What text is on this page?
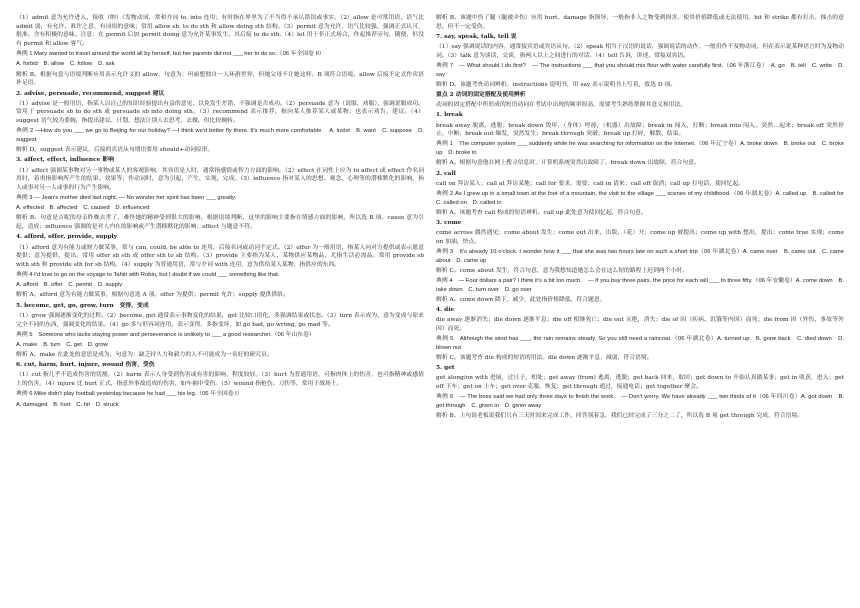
（1）admit 意为允许进入，接收（纳）（发物动词，常和介词 to, into 连用；有时指在界里为了不当得不承认错误或事实。（2）allow 是可常用语，语气比 admit 弱，有允许、准许之意，有词组的意味；常用 allow sb. to do sth 和 allow doing sth 结构。（3）permit 意为允许，语气比较强，强调正式认可，批准。含有积极的意味。注意：在 permit 后加 permit doing 意为允许某事发生。其后接 to do sth.（4）let 用于非正式场合，作起推荐旁句，随便，但没有 permit 和 allow 客气。

典例 1 Mary wanted to travel around the world all by herself, but her parents did not ___ her to do so.（06 年全国卷 II）

A. forbid　B. allow　C. follow　D. ask

解析 B。根据句意与语境判断应用表示允许义的 allow，句意为：玛丽想独自一人环游世界，但她父母不让她这样。B 项符合语境。allow 后接不定式作宾语补足语。

2. advise, persuade, recommend, suggest 建议

（1）advise 是一般用语，指某人以自己的知识经验提出有益的意见，以免发生差错，不强调是否成功。（2）persuade 意为（说服，劝服），强调说服成功。常用于 persuade sb to do sth 或 persuade sb into doing sth。（3）recommend 表示推荐，指向某人推荐某人或某物；也表示劝告，建议。（4）suggest 语气较为委婉，指提出建议、计划、想法让别人去思考、去做，但比较婉转。

典例 2 —How do you ___ we go to Beijing for our holiday? —I think we'd better fly there. It's much more comfortable.　A. insist　B. want　C. suppose　D. suggest

解析 D。suggest 表示建议，后接的宾语从句谓语要用 should+动词原形。

3. affect, effect, influence 影响

（1）affect 强调某事物对另一事物或某人的客观影响，其宾语是人时，通常指感情或智力方面的影响。（2）effect 在词性上应为 to affect 或 effect 作名词用时，着重指影响所产生的结果、效果等；作动词时，意为引起，产生，实现，完成。（3）influence 指对某人的思想、观念、心理等的潜移默化的影响，指人或事对另一人或事的行为产生影响。

典例 3 — Jean's mother died last night. — No wonder her spirit has been ___ greatly.

A. effected　B. affected　C. caused　D. influenced

解析 B。句意是吉妮的母亲昨晚去世了，难怪她的精神受到很大的影响。根据语境判断，这里的影响主要指在情感方面的影响，所以选 B 项。cause 意为引起，造成；influence 强调的是对人内在的影响或产生潜移默化的影响；effect 与题意不符。

4. afford, offer, provide, supply

（1）afford 意为有能力或财力做某事，常与 can, could, be able to 连用，后接名词或动词不定式。（2）offer 为一般用语，指某人向对方提供或表示愿意提供；意为提供，提出。常用 offer sb sth 或 offer sth to sb 结构。（3）provide 主要指为某人、某物供应某物品，尤指生活必需品。常用 provide sb with sth 和 provide sth for sb 结构。（4）supply 为普通用语，常与介词 with 连用，意为供给某人某物，指供应的东西。

典例 4 I'd love to go on the voyage to Tahiti with Robin, but I doubt if we could ___ something like that.

A. afford　B. offer　C. permit　D. supply

解析 A。afford 意为有能力做某事，根据句意选 A 项。offer 为提供；permit 允许；supply 提供供给。

5. become, get, go, grow, turn　变得，变成

（1）grow 强调逐渐变化的过程。（2）become, get 通常表示事物变化的结果，get 比较口语化，多强调结果或状态。（3）turn 表示成为，意为变成与原来完全不同的东西，强调变化的结果。（4）go 多与形容词连用，表示变得，多指变坏，如 go bad, go wrong, go mad 等。

典例 5　Someone who lacks staying power and perseverance is unlikely to ___ a good researcher.（06 年山东卷）

A. make　B. turn　C. get　D. grow

解析 A。make 在此处的意思是成为，句意为：缺乏持久力和毅力的人不可能成为一名好的研究员。

6. cut, harm, hurt, injure, wound 伤害，受伤

（1）cut 指几乎不造成伤害的切割。（2）harm 表示人身受到伤害或有害的影响，程度较轻。（3）hurt 为普通用语，可指肉体上的伤害，也可指精神或感情上的伤害。（4）injure 比 hurt 正式，指意外事故造成的伤害，如车祸中受伤。（5）wound 指枪伤、刀伤等，常用于战场上。

典例 6 Mike didn't play football yesterday because he had ___ his leg.（06 年全国卷 I）

A. damaged　B. hurt　C. hit　D. struck

解析 B。该题中伤了腿（腿被弄伤）应用 hurt。damage 指损坏，一般指非人之物受到损害，使其价值降低或无法使用。hit 和 strike 都有打击、撞击的意思，但不一定受伤。

7. say, speak, talk, tell 说

（1）say 强调说话的内容，通常接宾语或宾语从句。（2）speak 相当于汉语的说话，强调说话的动作，一般用作不及物动词，但在表示说某种语言时为及物动词。（3）talk 意为谈话，交谈，指两人以上之间进行的对话。（4）tell 告诉，讲述，常接双宾语。

典例 7　— What should I do first?　— The instructions ___ that you should mix flour with water carefully first.（06 年浙江卷）　A. go　B. tell　C. write　D. say

解析 D。该题考查动词辨析。instructions 说明书，用 say 表示说明书上写着，故选 D 项。

重点 2 动词的固定搭配及使用辨析

动词的固定搭配中所形成的短语动词在考试中出现的频率很高，需要考生熟练掌握其意义和用法。

1. break

break away 脱离，逃脱；break down 毁坏，（身体）垮掉，（机器）出故障；break in 闯入，打断；break into 闯入，突然…起来；break off 突然停止，中断；break out 爆发，突然发生；break through 突破；break up 打碎，解散，结束。

典例 1　The computer system ___ suddenly while he was searching for information on the Internet.（06 年辽宁卷）A. broke down　B. broke out　C. broke up　D. broke in

解析 A。根据句意他在网上搜寻信息时，计算机系统突然出故障了。break down 出故障，符合句意。

2. call

call on 拜访某人；call at 拜访某地；call for 要求，需要；call in 请来；call off 取消；call up 打电话，使回忆起。

典例 2 As I grew up in a small town at the foot of a mountain, the visit to the village ___ scenes of my childhood.（06 年湖北卷）A. called up　B. called for　C. called on　D. called in

解析 A。该题考查 call 构成的短语辨析。call up 此处意为使回忆起，符合句意。

3. come

come across 偶然遇见；come about 发生；come out 出来，出版，（花）开；come up 被提出；come up with 想出，提出；come true 实现；come on 加油，快点。

典例 3　It's already 10 o'clock. I wonder how it ___ that she was two hours late on such a short trip（06 年湖北卷）A. came over　B. came out　C. came about　D. came up

解析 C。come about 发生，符合句意，意为我想知道她怎么会在这么短的路程上迟到两个小时。

典例 4　— Four dollars a pair? I think it's a bit too much.　— If you buy three pairs, the price for each will ___ to three fifty.（06 年安徽卷）A. come down　B. take down　C. turn over　D. go over

解析 A。come down 降下，减少，此处指价格降低，符合题意。

4. die

die away 逐渐消失；die down 逐渐平息；die off 相继死亡；die out 灭绝，消失；die of 因（疾病、饥饿等内因）而死；die from 因（外伤、事故等外因）而死。

典例 5　Although the wind has ___, the rain remains steady. So you still need a raincoat.（06 年湖北卷）A. turned up　B. gone back　C. died down　D. blown out

解析 C。该题考查 die 构成的短语的用法。die down 逐渐平息，减弱，符合语境。

5. get

get along/on with 进展，过日子，相处；get away (from) 逃离，逃脱；get back 回来，取回；get down to 开始认真做某事；get in 收获，进入；get off 下车；get on 上车；get over 克服，恢复；get through 通过，接通电话；get together 聚会。

典例 6　— The boss said we had only three days to finish the work.　— Don't worry. We have already ___ two thirds of it（06 年四川卷）A. got down　B. got through　C. given in　D. given away

解析 B。上句说老板说我们只有三天时间来完成工作，回答别着急，我们已经完成了三分之二了，所以选 B 项 get through 完成，符合语境。
